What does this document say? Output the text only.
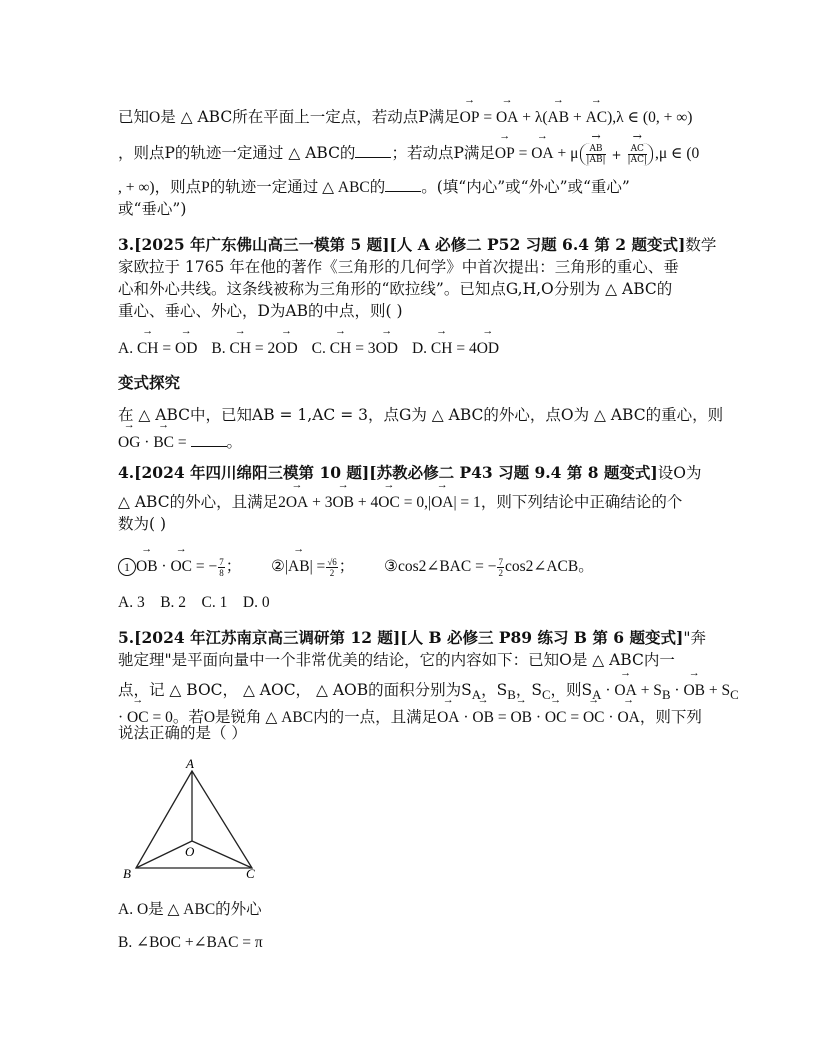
已知O是 △ ABC所在平面上一定点，若动点P满足→ OP = → OA + λ(→ AB + → AC),λ ∈ (0, + ∞)
，则点P的轨迹一定通过 △ ABC的 ；若动点P满足→ OP = → OA + μ
→ $\frac{AB}{|AB|}$ +
→ $\frac{AC}{|AC|} ,\mu$ ∈ (0
, + ∞)，则点P的轨迹一定通过 △ ABC的 。(填“内心”或“外心”或“重心”
或“垂心”)
3.[2025 年广东佛山高三一模第 5 题][人 A 必修二 P52 习题 6.4 第 2 题变式]数学
家欧拉于 1765 年在他的著作《三角形的几何学》中首次提出：三角形的重心、垂
心和外心共线。这条线被称为三角形的“欧拉线”。已知点G,H,O分别为 △ ABC的
重心、垂心、外心，D为AB的中点，则( )
A. → CH = → OD B. → CH = 2→ OD C. → CH = 3→ OD D. → CH = 4→ OD
变式探究
在 △ ABC中，已知AB = 1,AC = 3，点G为 △ ABC的外心，点O为 △ ABC的重心，则
→ OG · → BC = 。
4.[2024 年四川绵阳三模第 10 题][苏教必修二 P43 习题 9.4 第 8 题变式]设O为
△ ABC的外心，且满足2→ OA + 3→ OB + 4→ OC = 0,|→ OA| = 1，则下列结论中正确结论的个
数为( )
1→ OB · → OC = − $\frac{7}{8}$ ； ②|→ $AB| = \frac{√6}{2}$ ； ③cos2∠BAC = − $\frac{7}{2}$ cos2∠ACB。
A. 3　B. 2　C. 1　D. 0
5.[2024 年江苏南京高三调研第 12 题][人 B 必修三 P89 练习 B 第 6 题变式]"奔
驰定理"是平面向量中一个非常优美的结论，它的内容如下：已知O是 △ ABC内一
点，记 △ BOC， △ AOC， △ AOB的面积分别为$S_A$，$S_B$，$S_C$，则$S_A$ · → OA + $S_B$ · → OB + $S_C$
· → OC = 0。若O是锐角 △ ABC内的一点，且满足→ OA · → OB = → OB · → OC = → OC · → OA，则下列
说法正确的是（ ）
A
B	C
O
A. O是 △ ABC的外心
B. ∠BOC +∠BAC = π
